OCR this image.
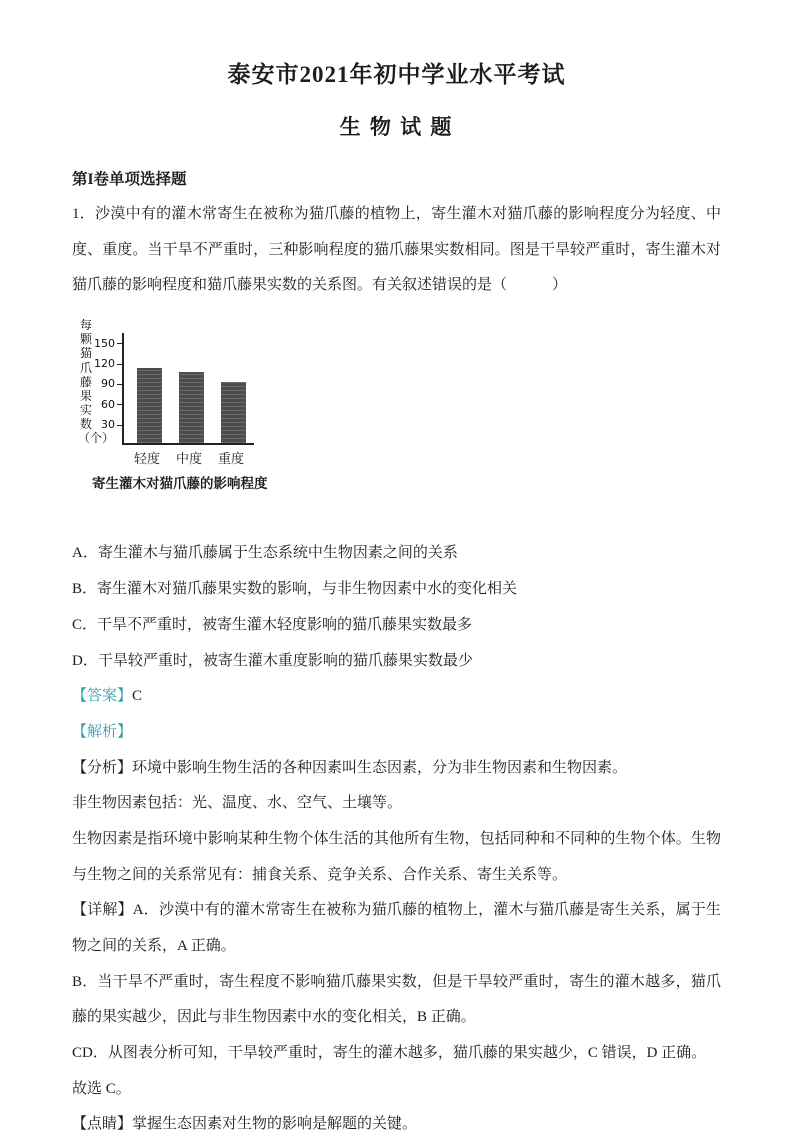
泰安市2021年初中学业水平考试
生 物 试 题
第I卷单项选择题

1．沙漠中有的灌木常寄生在被称为猫爪藤的植物上，寄生灌木对猫爪藤的影响程度分为轻度、中度、重度。当干旱不严重时，三种影响程度的猫爪藤果实数相同。图是干旱较严重时，寄生灌木对猫爪藤的影响程度和猫爪藤果实数的关系图。有关叙述错误的是（　　　）

每颗猫爪藤果实数（个）
30
60
90
120
150
轻度	中度	重度
寄生灌木对猫爪藤的影响程度

A．寄生灌木与猫爪藤属于生态系统中生物因素之间的关系

B．寄生灌木对猫爪藤果实数的影响，与非生物因素中水的变化相关

C．干旱不严重时，被寄生灌木轻度影响的猫爪藤果实数最多

D．干旱较严重时，被寄生灌木重度影响的猫爪藤果实数最少

【答案】C

【解析】

【分析】环境中影响生物生活的各种因素叫生态因素，分为非生物因素和生物因素。

非生物因素包括：光、温度、水、空气、土壤等。

生物因素是指环境中影响某种生物个体生活的其他所有生物，包括同种和不同种的生物个体。生物与生物之间的关系常见有：捕食关系、竞争关系、合作关系、寄生关系等。

【详解】A．沙漠中有的灌木常寄生在被称为猫爪藤的植物上，灌木与猫爪藤是寄生关系，属于生物之间的关系，A 正确。

B．当干旱不严重时，寄生程度不影响猫爪藤果实数，但是干旱较严重时，寄生的灌木越多，猫爪藤的果实越少，因此与非生物因素中水的变化相关，B 正确。

CD．从图表分析可知，干旱较严重时，寄生的灌木越多，猫爪藤的果实越少，C 错误，D 正确。

故选 C。

【点睛】掌握生态因素对生物的影响是解题的关键。
